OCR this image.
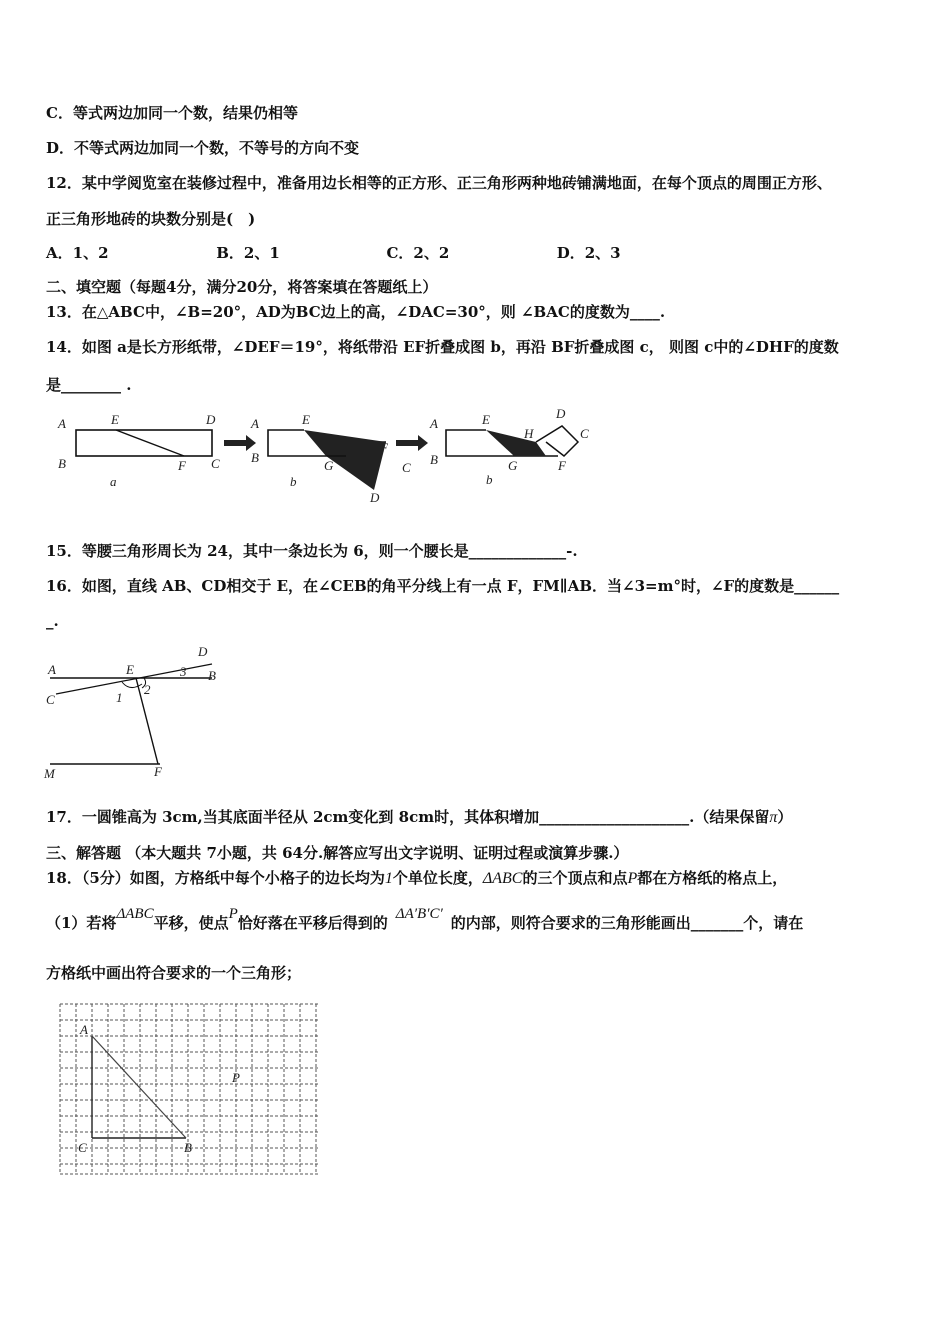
C．等式两边加同一个数，结果仍相等
D．不等式两边加同一个数，不等号的方向不变
12．某中学阅览室在装修过程中，准备用边长相等的正方形、正三角形两种地砖铺满地面，在每个顶点的周围正方形、
正三角形地砖的块数分别是(　)
A．1、2	B．2、1	C．2、2	D．2、3
二、填空题（每题4分，满分20分，将答案填在答题纸上）
13．在△ABC中，∠B=20°，AD为BC边上的高，∠DAC=30°，则 ∠BAC的度数为____.
14．如图 a是长方形纸带，∠DEF＝19°，将纸带沿 EF折叠成图 b，再沿 BF折叠成图 c， 则图 c中的∠DHF的度数
是________ .
A	E	D
B	F C
a
A	E
B
G
F
C
D
b
A	E
H
D
C
B	G	F
b
15．等腰三角形周长为 24，其中一条边长为 6，则一个腰长是_____________-.
16．如图，直线 AB、CD相交于 E，在∠CEB的角平分线上有一点 F，FM∥AB．当∠3=m°时，∠F的度数是______
_.
A	E
D
B
C	1
2
3
M	F
17．一圆锥高为 3cm,当其底面半径从 2cm变化到 8cm时，其体积增加____________________.（结果保留π）
三、解答题 （本大题共 7小题，共 64分.解答应写出文字说明、证明过程或演算步骤.）
18．（5分）如图，方格纸中每个小格子的边长均为1个单位长度，ΔABC的三个顶点和点P都在方格纸的格点上，
（1）若将ΔABC平移，使点P恰好落在平移后得到的 ΔA′B′C′ 的内部，则符合要求的三角形能画出_______个，请在
方格纸中画出符合要求的一个三角形；
A
P
C	B
